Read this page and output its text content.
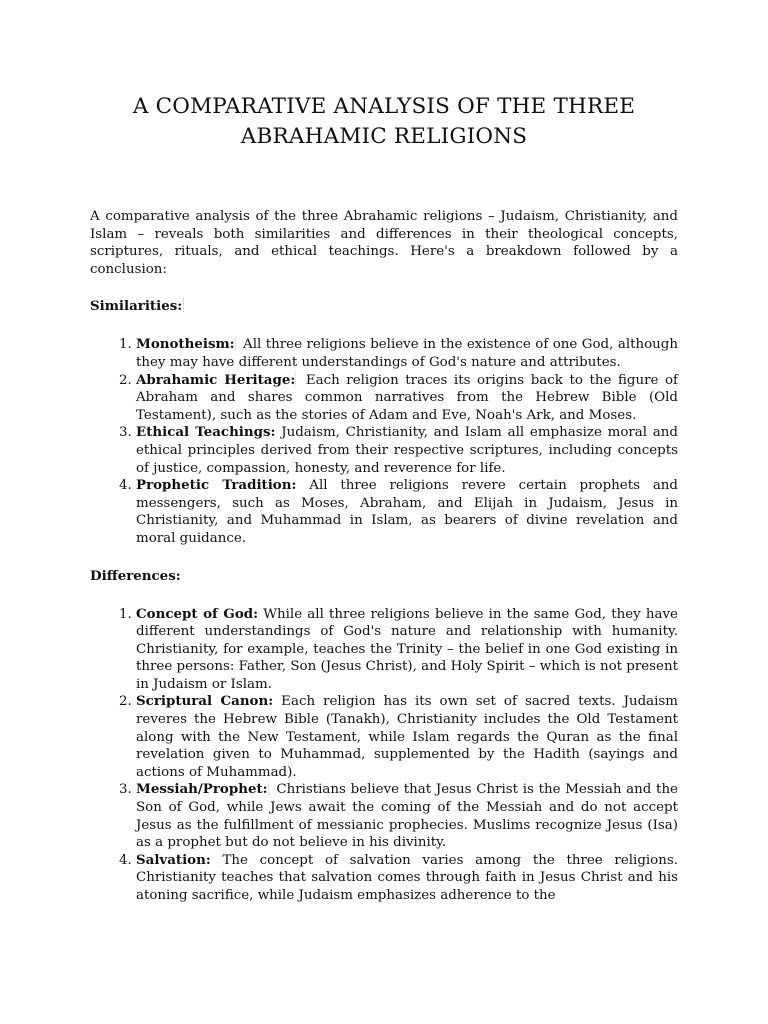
A COMPARATIVE ANALYSIS OF THE THREE
ABRAHAMIC RELIGIONS

A comparative analysis of the three Abrahamic religions – Judaism, Christianity, and Islam – reveals both similarities and differences in their theological concepts, scriptures, rituals, and ethical teachings. Here's a breakdown followed by a conclusion:

Similarities:
1. Monotheism: All three religions believe in the existence of one God, although they may have different understandings of God's nature and attributes.
2. Abrahamic Heritage: Each religion traces its origins back to the figure of Abraham and shares common narratives from the Hebrew Bible (Old Testament), such as the stories of Adam and Eve, Noah's Ark, and Moses.
3. Ethical Teachings: Judaism, Christianity, and Islam all emphasize moral and ethical principles derived from their respective scriptures, including concepts of justice, compassion, honesty, and reverence for life.
4. Prophetic Tradition: All three religions revere certain prophets and messengers, such as Moses, Abraham, and Elijah in Judaism, Jesus in Christianity, and Muhammad in Islam, as bearers of divine revelation and moral guidance.
Differences:
1. Concept of God: While all three religions believe in the same God, they have different understandings of God's nature and relationship with humanity. Christianity, for example, teaches the Trinity – the belief in one God existing in three persons: Father, Son (Jesus Christ), and Holy Spirit – which is not present in Judaism or Islam.
2. Scriptural Canon: Each religion has its own set of sacred texts. Judaism reveres the Hebrew Bible (Tanakh), Christianity includes the Old Testament along with the New Testament, while Islam regards the Quran as the final revelation given to Muhammad, supplemented by the Hadith (sayings and actions of Muhammad).
3. Messiah/Prophet: Christians believe that Jesus Christ is the Messiah and the Son of God, while Jews await the coming of the Messiah and do not accept Jesus as the fulfillment of messianic prophecies. Muslims recognize Jesus (Isa) as a prophet but do not believe in his divinity.
4. Salvation: The concept of salvation varies among the three religions. Christianity teaches that salvation comes through faith in Jesus Christ and his atoning sacrifice, while Judaism emphasizes adherence to the
